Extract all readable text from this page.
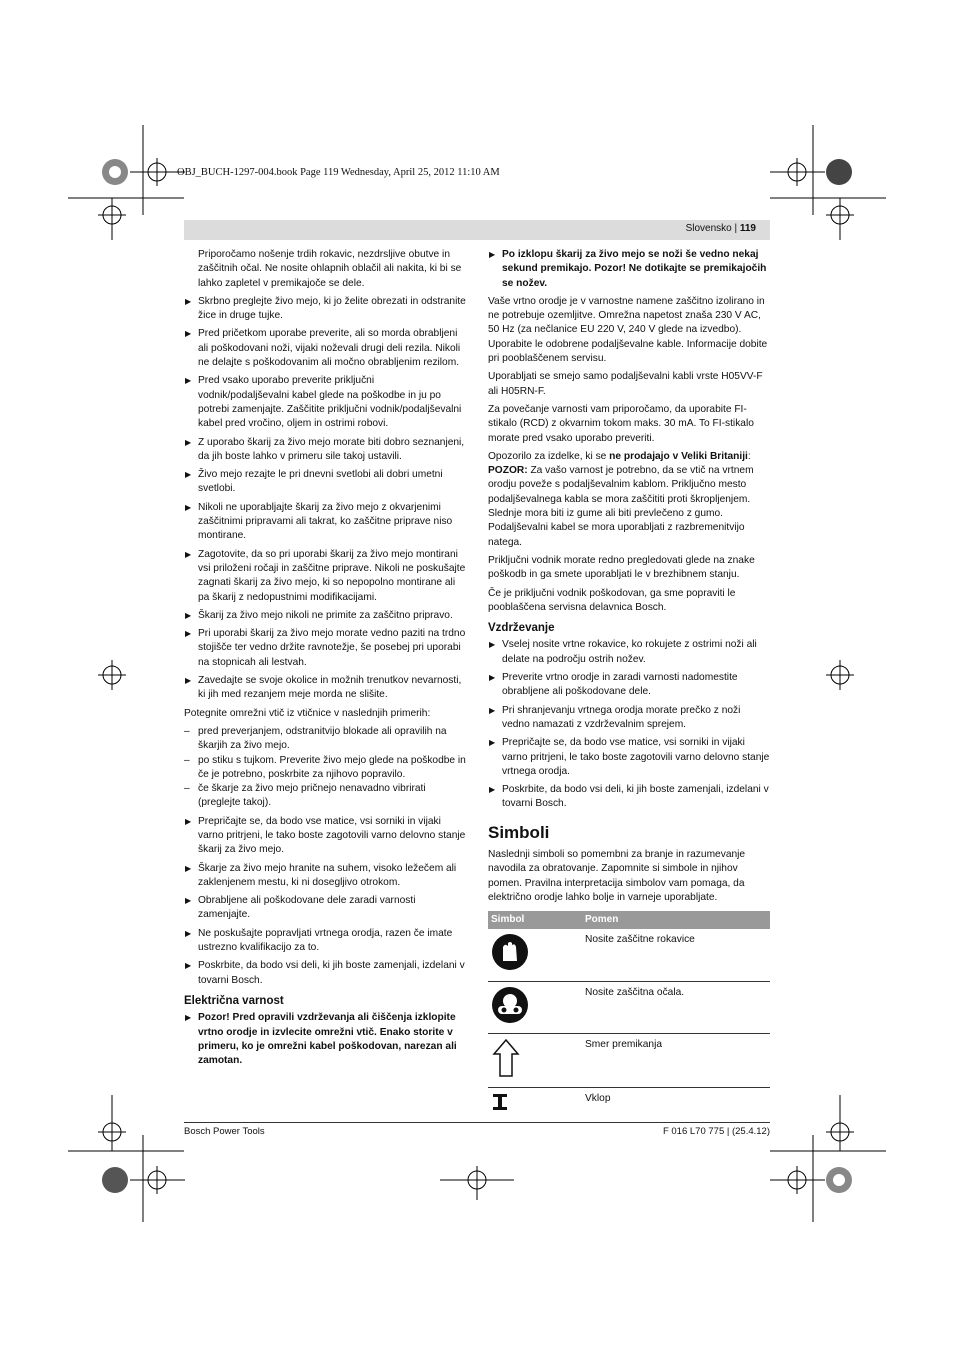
OBJ_BUCH-1297-004.book Page 119 Wednesday, April 25, 2012 11:10 AM
Slovensko | 119

Priporočamo nošenje trdih rokavic, nezdrsljive obutve in zaščitnih očal. Ne nosite ohlapnih oblačil ali nakita, ki bi se lahko zapletel v premikajoče se dele.

▶ Skrbno preglejte živo mejo, ki jo želite obrezati in odstranite žice in druge tujke.
▶ Pred pričetkom uporabe preverite, ali so morda obrabljeni ali poškodovani noži, vijaki noževali drugi deli rezila. Nikoli ne delajte s poškodovanim ali močno obrabljenim rezilom.
▶ Pred vsako uporabo preverite priključni vodnik/podaljševalni kabel glede na poškodbe in ju po potrebi zamenjajte. Zaščitite priključni vodnik/podaljševalni kabel pred vročino, oljem in ostrimi robovi.
▶ Z uporabo škarij za živo mejo morate biti dobro seznanjeni, da jih boste lahko v primeru sile takoj ustavili.
▶ Živo mejo rezajte le pri dnevni svetlobi ali dobri umetni svetlobi.
▶ Nikoli ne uporabljajte škarij za živo mejo z okvarjenimi zaščitnimi pripravami ali takrat, ko zaščitne priprave niso montirane.
▶ Zagotovite, da so pri uporabi škarij za živo mejo montirani vsi priloženi ročaji in zaščitne priprave. Nikoli ne poskušajte zagnati škarij za živo mejo, ki so nepopolno montirane ali pa škarij z nedopustnimi modifikacijami.
▶ Škarij za živo mejo nikoli ne primite za zaščitno pripravo.
▶ Pri uporabi škarij za živo mejo morate vedno paziti na trdno stojišče ter vedno držite ravnotežje, še posebej pri uporabi na stopnicah ali lestvah.
▶ Zavedajte se svoje okolice in možnih trenutkov nevarnosti, ki jih med rezanjem meje morda ne slišite.

Potegnite omrežni vtič iz vtičnice v naslednjih primerih:

– pred preverjanjem, odstranitvijo blokade ali opravilih na škarjih za živo mejo.
– po stiku s tujkom. Preverite živo mejo glede na poškodbe in če je potrebno, poskrbite za njihovo popravilo.
– če škarje za živo mejo pričnejo nenavadno vibrirati (preglejte takoj).
▶ Prepričajte se, da bodo vse matice, vsi sorniki in vijaki varno pritrjeni, le tako boste zagotovili varno delovno stanje škarij za živo mejo.
▶ Škarje za živo mejo hranite na suhem, visoko ležečem ali zaklenjenem mestu, ki ni dosegljivo otrokom.
▶ Obrabljene ali poškodovane dele zaradi varnosti zamenjajte.
▶ Ne poskušajte popravljati vrtnega orodja, razen če imate ustrezno kvalifikacijo za to.
▶ Poskrbite, da bodo vsi deli, ki jih boste zamenjali, izdelani v tovarni Bosch.
Električna varnost
▶ Pozor! Pred opravili vzdrževanja ali čiščenja izklopite vrtno orodje in izvlecite omrežni vtič. Enako storite v primeru, ko je omrežni kabel poškodovan, narezan ali zamotan.
▶ Po izklopu škarij za živo mejo se noži še vedno nekaj sekund premikajo. Pozor! Ne dotikajte se premikajočih se nožev.

Vaše vrtno orodje je v varnostne namene zaščitno izolirano in ne potrebuje ozemljitve. Omrežna napetost znaša 230 V AC, 50 Hz (za nečlanice EU 220 V, 240 V glede na izvedbo). Uporabite le odobrene podaljševalne kable. Informacije dobite pri pooblaščenem servisu.

Uporabljati se smejo samo podaljševalni kabli vrste H05VV-F ali H05RN-F.

Za povečanje varnosti vam priporočamo, da uporabite FI-stikalo (RCD) z okvarnim tokom maks. 30 mA. To FI-stikalo morate pred vsako uporabo preveriti.

Opozorilo za izdelke, ki se ne prodajajo v Veliki Britaniji:
POZOR: Za vašo varnost je potrebno, da se vtič na vrtnem orodju poveže s podaljševalnim kablom. Priključno mesto podaljševalnega kabla se mora zaščititi proti škropljenjem. Slednje mora biti iz gume ali biti prevlečeno z gumo. Podaljševalni kabel se mora uporabljati z razbremenitvijo natega.

Priključni vodnik morate redno pregledovati glede na znake poškodb in ga smete uporabljati le v brezhibnem stanju.

Če je priključni vodnik poškodovan, ga sme popraviti le pooblaščena servisna delavnica Bosch.

Vzdrževanje
▶ Vselej nosite vrtne rokavice, ko rokujete z ostrimi noži ali delate na področju ostrih nožev.
▶ Preverite vrtno orodje in zaradi varnosti nadomestite obrabljene ali poškodovane dele.
▶ Pri shranjevanju vrtnega orodja morate prečko z noži vedno namazati z vzdrževalnim sprejem.
▶ Prepričajte se, da bodo vse matice, vsi sorniki in vijaki varno pritrjeni, le tako boste zagotovili varno delovno stanje vrtnega orodja.
▶ Poskrbite, da bodo vsi deli, ki jih boste zamenjali, izdelani v tovarni Bosch.
Simboli

Naslednji simboli so pomembni za branje in razumevanje navodila za obratovanje. Zapomnite si simbole in njihov pomen. Pravilna interpretacija simbolov vam pomaga, da električno orodje lahko bolje in varneje uporabljate.

Simbol	Pomen
	Nosite zaščitne rokavice
	Nosite zaščitna očala.
	Smer premikanja
	Vklop
Bosch Power Tools	F 016 L70 775 | (25.4.12)
